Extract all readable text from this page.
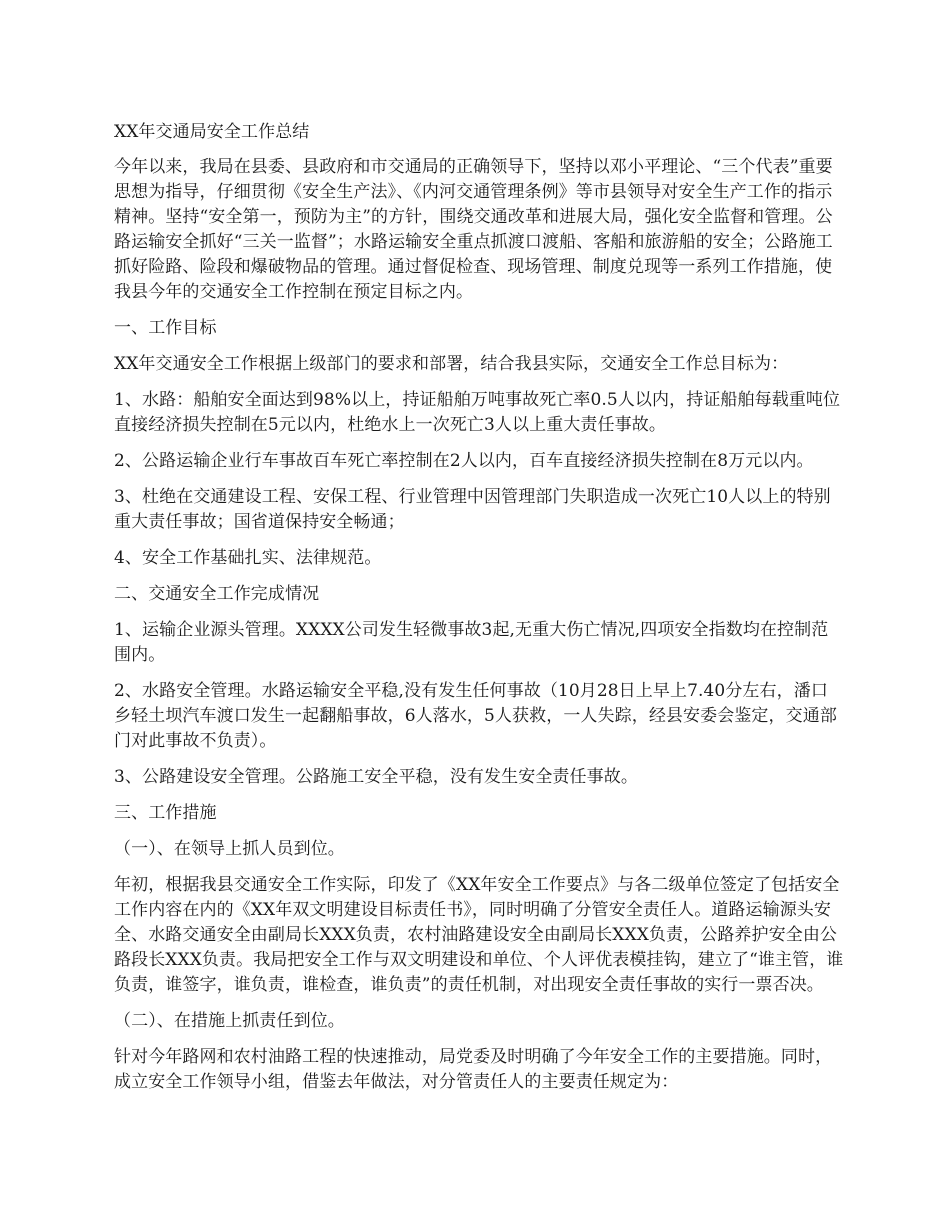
XX年交通局安全工作总结

今年以来，我局在县委、县政府和市交通局的正确领导下，坚持以邓小平理论、“三个代表”重要思想为指导，仔细贯彻《安全生产法》、《内河交通管理条例》等市县领导对安全生产工作的指示精神。坚持“安全第一，预防为主”的方针，围绕交通改革和进展大局，强化安全监督和管理。公路运输安全抓好“三关一监督”；水路运输安全重点抓渡口渡船、客船和旅游船的安全；公路施工抓好险路、险段和爆破物品的管理。通过督促检查、现场管理、制度兑现等一系列工作措施，使我县今年的交通安全工作控制在预定目标之内。

一、工作目标

XX年交通安全工作根据上级部门的要求和部署，结合我县实际，交通安全工作总目标为：

1、水路：船舶安全面达到98%以上，持证船舶万吨事故死亡率0.5人以内，持证船舶每载重吨位直接经济损失控制在5元以内，杜绝水上一次死亡3人以上重大责任事故。

2、公路运输企业行车事故百车死亡率控制在2人以内，百车直接经济损失控制在8万元以内。

3、杜绝在交通建设工程、安保工程、行业管理中因管理部门失职造成一次死亡10人以上的特别重大责任事故；国省道保持安全畅通；

4、安全工作基础扎实、法律规范。

二、交通安全工作完成情况

1、运输企业源头管理。XXXX公司发生轻微事故3起,无重大伤亡情况,四项安全指数均在控制范围内。

2、水路安全管理。水路运输安全平稳,没有发生任何事故（10月28日上早上7.40分左右，潘口乡轻土坝汽车渡口发生一起翻船事故，6人落水，5人获救，一人失踪，经县安委会鉴定，交通部门对此事故不负责）。

3、公路建设安全管理。公路施工安全平稳，没有发生安全责任事故。

三、工作措施

（一）、在领导上抓人员到位。

年初，根据我县交通安全工作实际，印发了《XX年安全工作要点》与各二级单位签定了包括安全工作内容在内的《XX年双文明建设目标责任书》，同时明确了分管安全责任人。道路运输源头安全、水路交通安全由副局长XXX负责，农村油路建设安全由副局长XXX负责，公路养护安全由公路段长XXX负责。我局把安全工作与双文明建设和单位、个人评优表模挂钩，建立了“谁主管，谁负责，谁签字，谁负责，谁检查，谁负责”的责任机制，对出现安全责任事故的实行一票否决。

（二）、在措施上抓责任到位。

针对今年路网和农村油路工程的快速推动，局党委及时明确了今年安全工作的主要措施。同时，成立安全工作领导小组，借鉴去年做法，对分管责任人的主要责任规定为：
